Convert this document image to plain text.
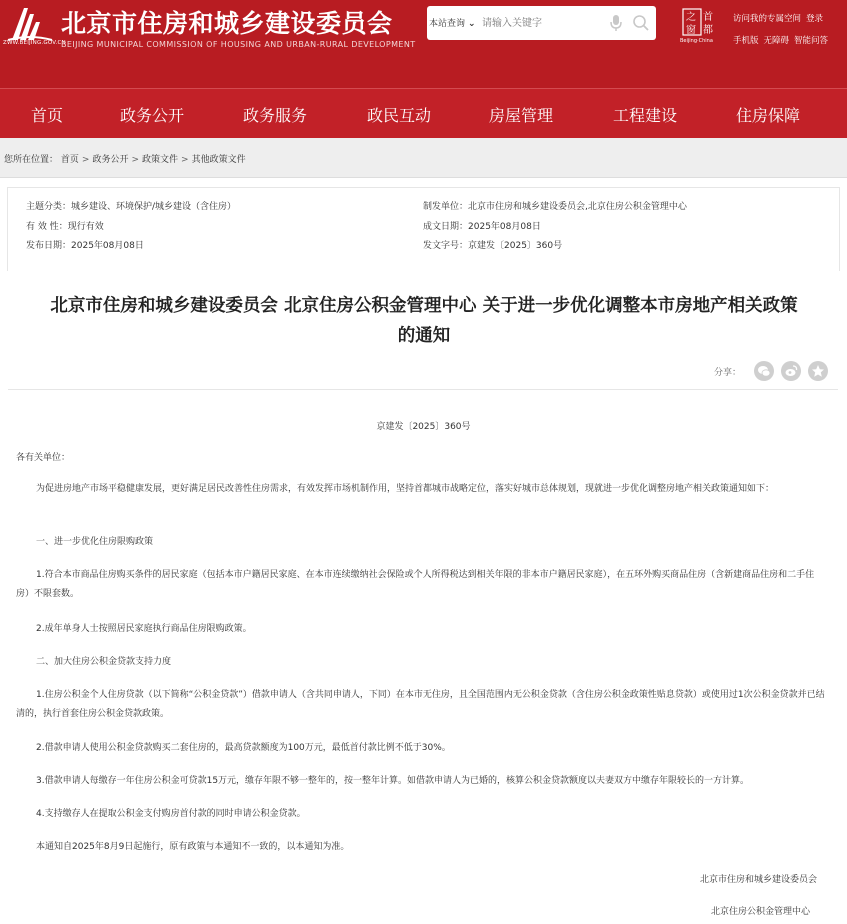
ZWW.BEIJING.GOV.CN
北京市住房和城乡建设委员会
BEIJING MUNICIPAL COMMISSION OF HOUSING AND URBAN-RURAL DEVELOPMENT
本站查询 ⌄
请输入关键字
之
窗
首
都
Beijing·China
访问我的专属空间 登录
手机版 无障碍 智能问答
首页	政务公开	政务服务	政民互动	房屋管理	工程建设	住房保障
您所在位置： 首页 > 政务公开 > 政策文件 > 其他政策文件
主题分类：城乡建设、环境保护/城乡建设（含住房）
有 效 性：现行有效
发布日期：2025年08月08日
制发单位：北京市住房和城乡建设委员会,北京住房公积金管理中心
成文日期：2025年08月08日
发文字号：京建发〔2025〕360号
北京市住房和城乡建设委员会 北京住房公积金管理中心 关于进一步优化调整本市房地产相关政策
的通知
分享：
京建发〔2025〕360号
各有关单位：
为促进房地产市场平稳健康发展，更好满足居民改善性住房需求，有效发挥市场机制作用，坚持首都城市战略定位，落实好城市总体规划，现就进一步优化调整房地产相关政策通知如下：
一、进一步优化住房限购政策
1.符合本市商品住房购买条件的居民家庭（包括本市户籍居民家庭、在本市连续缴纳社会保险或个人所得税达到相关年限的非本市户籍居民家庭），在五环外购买商品住房（含新建商品住房和二手住房）不限套数。
2.成年单身人士按照居民家庭执行商品住房限购政策。
二、加大住房公积金贷款支持力度
1.住房公积金个人住房贷款（以下简称“公积金贷款”）借款申请人（含共同申请人，下同）在本市无住房，且全国范围内无公积金贷款（含住房公积金政策性贴息贷款）或使用过1次公积金贷款并已结清的，执行首套住房公积金贷款政策。
2.借款申请人使用公积金贷款购买二套住房的，最高贷款额度为100万元，最低首付款比例不低于30%。
3.借款申请人每缴存一年住房公积金可贷款15万元，缴存年限不够一整年的，按一整年计算。如借款申请人为已婚的，核算公积金贷款额度以夫妻双方中缴存年限较长的一方计算。
4.支持缴存人在提取公积金支付购房首付款的同时申请公积金贷款。
本通知自2025年8月9日起施行，原有政策与本通知不一致的，以本通知为准。
北京市住房和城乡建设委员会
北京住房公积金管理中心
